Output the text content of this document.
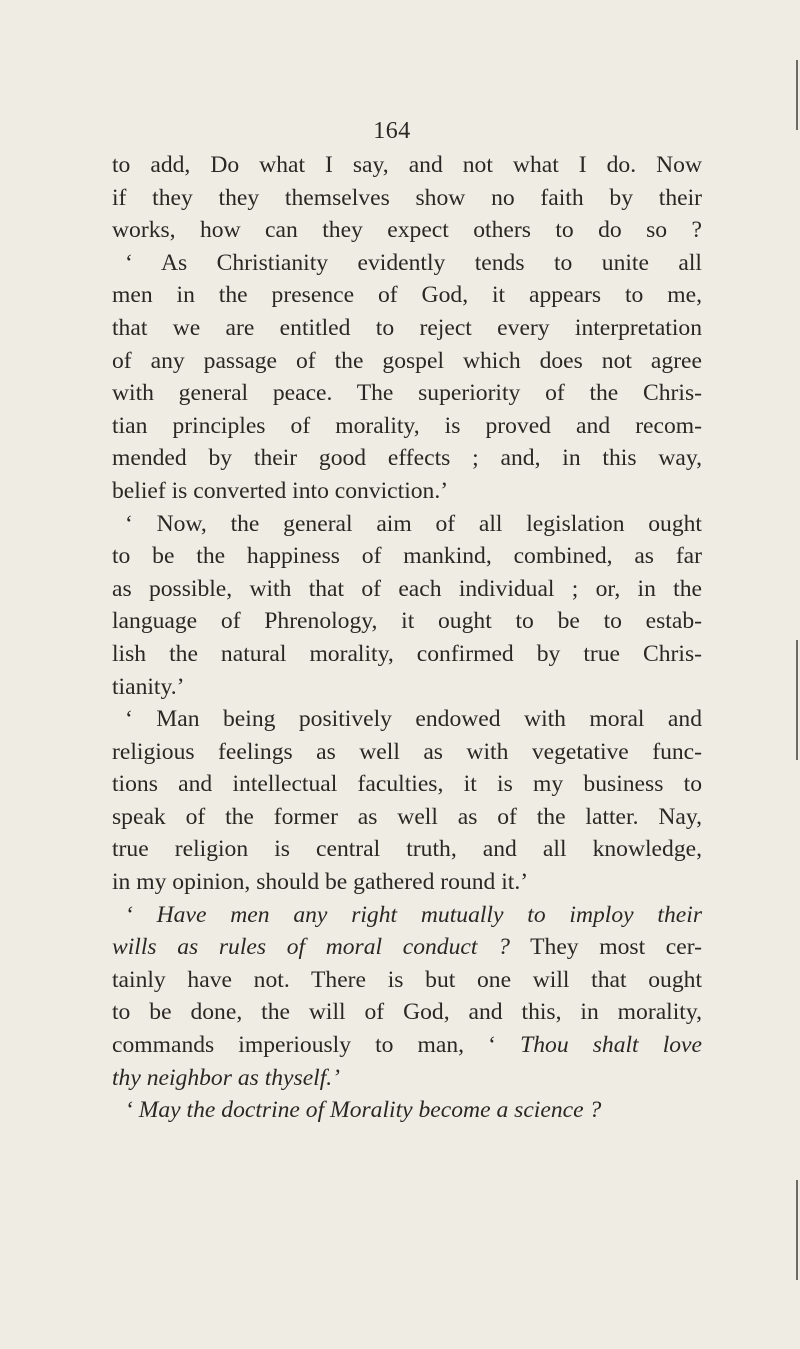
164
to add, Do what I say, and not what I do. Now
if they they themselves show no faith by their
works, how can they expect others to do so ?
‘ As Christianity evidently tends to unite all
men in the presence of God, it appears to me,
that we are entitled to reject every interpretation
of any passage of the gospel which does not agree
with general peace. The superiority of the Chris-
tian principles of morality, is proved and recom-
mended by their good effects ; and, in this way,
belief is converted into conviction.’
‘ Now, the general aim of all legislation ought
to be the happiness of mankind, combined, as far
as possible, with that of each individual ; or, in the
language of Phrenology, it ought to be to estab-
lish the natural morality, confirmed by true Chris-
tianity.’
‘ Man being positively endowed with moral and
religious feelings as well as with vegetative func-
tions and intellectual faculties, it is my business to
speak of the former as well as of the latter. Nay,
true religion is central truth, and all knowledge,
in my opinion, should be gathered round it.’
‘ Have men any right mutually to imploy their
wills as rules of moral conduct ? They most cer-
tainly have not. There is but one will that ought
to be done, the will of God, and this, in morality,
commands imperiously to man, ‘ Thou shalt love
thy neighbor as thyself.’
‘ May the doctrine of Morality become a science ?
